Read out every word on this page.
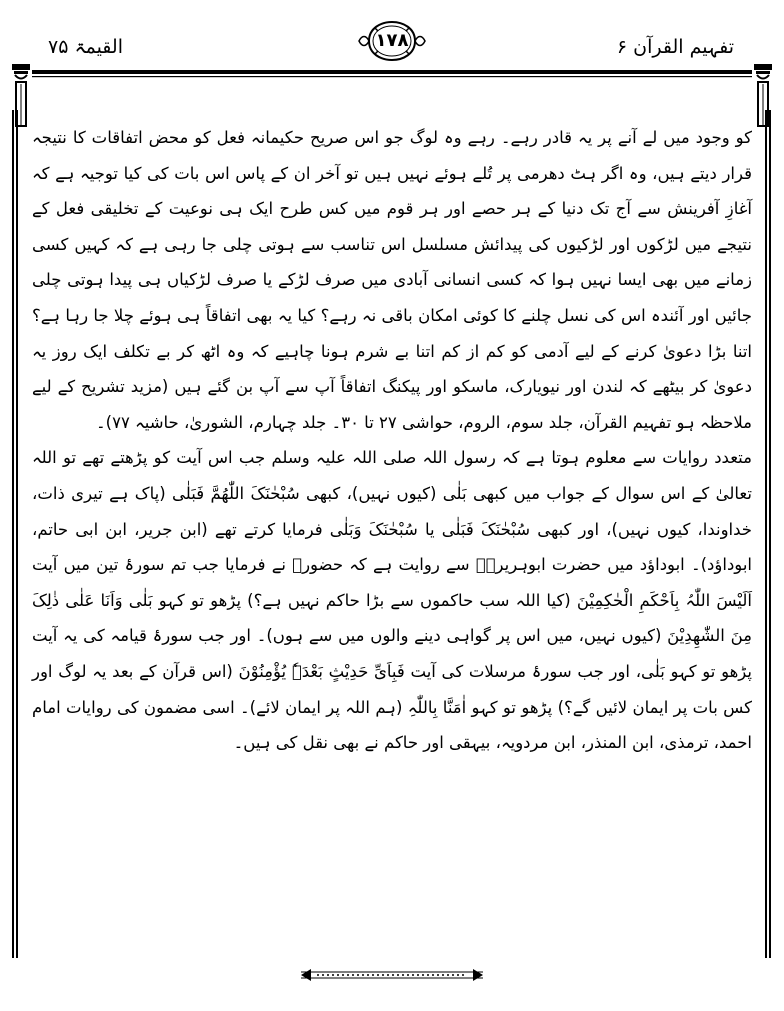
تفہیم القرآن ۶
۱۷۸
القیمۃ ۷۵

کو وجود میں لے آنے پر یہ قادر رہے۔ رہے وہ لوگ جو اس صریح حکیمانہ فعل کو محض اتفاقات کا نتیجہ قرار دیتے ہیں، وہ اگر ہٹ دھرمی پر تُلے ہوئے نہیں ہیں تو آخر ان کے پاس اس بات کی کیا توجیہ ہے کہ آغازِ آفرینش سے آج تک دنیا کے ہر حصے اور ہر قوم میں کس طرح ایک ہی نوعیت کے تخلیقی فعل کے نتیجے میں لڑکوں اور لڑکیوں کی پیدائش مسلسل اس تناسب سے ہوتی چلی جا رہی ہے کہ کہیں کسی زمانے میں بھی ایسا نہیں ہوا کہ کسی انسانی آبادی میں صرف لڑکے یا صرف لڑکیاں ہی پیدا ہوتی چلی جائیں اور آئندہ اس کی نسل چلنے کا کوئی امکان باقی نہ رہے؟ کیا یہ بھی اتفاقاً ہی ہوئے چلا جا رہا ہے؟ اتنا بڑا دعویٰ کرنے کے لیے آدمی کو کم از کم اتنا بے شرم ہونا چاہیے کہ وہ اٹھ کر بے تکلف ایک روز یہ دعویٰ کر بیٹھے کہ لندن اور نیویارک، ماسکو اور پیکنگ اتفاقاً آپ سے آپ بن گئے ہیں (مزید تشریح کے لیے ملاحظہ ہو تفہیم القرآن، جلد سوم، الروم، حواشی ۲۷ تا ۳۰۔ جلد چہارم، الشوریٰ، حاشیہ ۷۷)۔

متعدد روایات سے معلوم ہوتا ہے کہ رسول اللہ صلی اللہ علیہ وسلم جب اس آیت کو پڑھتے تھے تو اللہ تعالیٰ کے اس سوال کے جواب میں کبھی بَلٰی (کیوں نہیں)، کبھی سُبْحٰنَکَ اللّٰھُمَّ فَبَلٰی (پاک ہے تیری ذات، خداوندا، کیوں نہیں)، اور کبھی سُبْحٰنَکَ فَبَلٰی یا سُبْحٰنَکَ وَبَلٰی فرمایا کرتے تھے (ابن جریر، ابن ابی حاتم، ابوداؤد)۔ ابوداؤد میں حضرت ابوہریرہؓ سے روایت ہے کہ حضورؐ نے فرمایا جب تم سورۂ تین میں آیت اَلَیْسَ اللّٰہُ بِاَحْکَمِ الْحٰکِمِیْنَ (کیا اللہ سب حاکموں سے بڑا حاکم نہیں ہے؟) پڑھو تو کہو بَلٰی وَاَنَا عَلٰی ذٰلِکَ مِنَ الشّٰھِدِیْنَ (کیوں نہیں، میں اس پر گواہی دینے والوں میں سے ہوں)۔ اور جب سورۂ قیامہ کی یہ آیت پڑھو تو کہو بَلٰی، اور جب سورۂ مرسلات کی آیت فَبِاَیِّ حَدِیْثٍ بَعْدَہٗ یُؤْمِنُوْنَ (اس قرآن کے بعد یہ لوگ اور کس بات پر ایمان لائیں گے؟) پڑھو تو کہو اٰمَنَّا بِاللّٰہِ (ہم اللہ پر ایمان لائے)۔ اسی مضمون کی روایات امام احمد، ترمذی، ابن المنذر، ابن مردویہ، بیہقی اور حاکم نے بھی نقل کی ہیں۔
